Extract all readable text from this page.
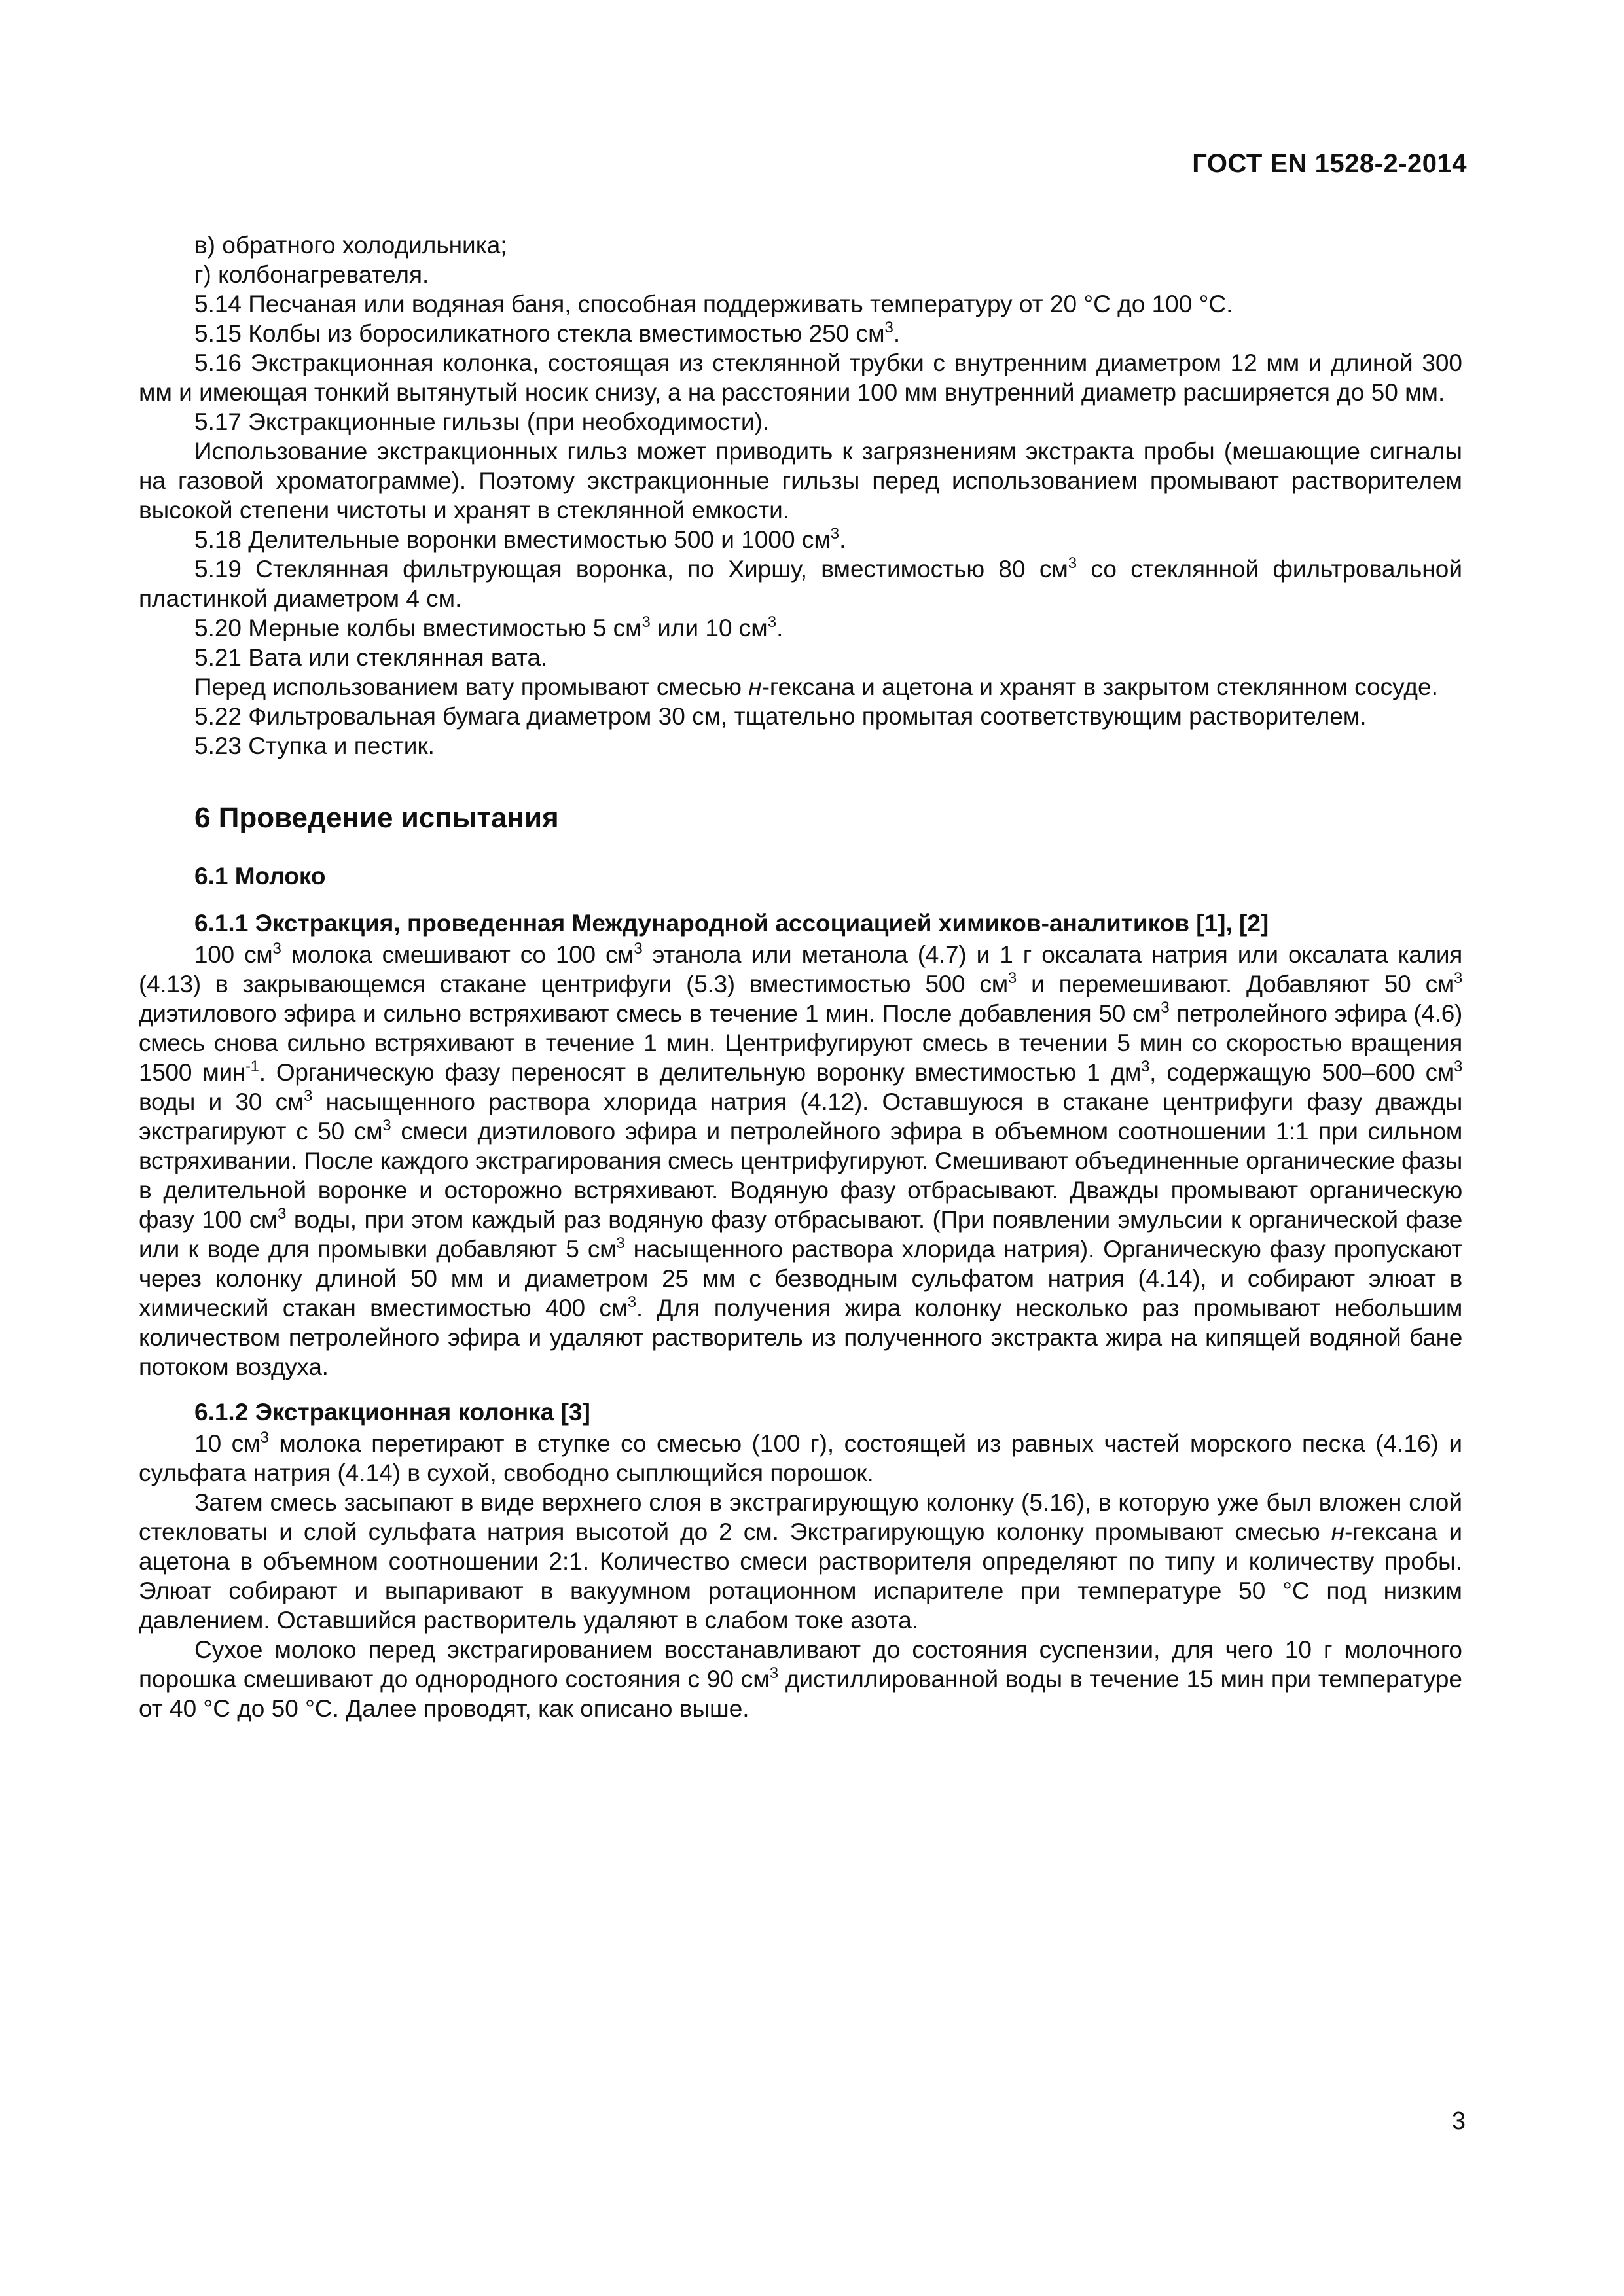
ГОСТ EN 1528-2-2014

в) обратного холодильника;

г) колбонагревателя.

5.14 Песчаная или водяная баня, способная поддерживать температуру от 20 °С до 100 °С.

5.15 Колбы из боросиликатного стекла вместимостью 250 $см^3$.

5.16 Экстракционная колонка, состоящая из стеклянной трубки с внутренним диаметром 12 мм и длиной 300 мм и имеющая тонкий вытянутый носик снизу, а на расстоянии 100 мм внутренний диаметр расширяется до 50 мм.

5.17 Экстракционные гильзы (при необходимости).

Использование экстракционных гильз может приводить к загрязнениям экстракта пробы (мешающие сигналы на газовой хроматограмме). Поэтому экстракционные гильзы перед использованием промывают растворителем высокой степени чистоты и хранят в стеклянной емкости.

5.18 Делительные воронки вместимостью 500 и 1000 $см^3$.

5.19 Стеклянная фильтрующая воронка, по Хиршу, вместимостью 80 $см^3$ со стеклянной фильтровальной пластинкой диаметром 4 см.

5.20 Мерные колбы вместимостью 5 $см^3$ или 10 $см^3$.

5.21 Вата или стеклянная вата.

Перед использованием вату промывают смесью н-гексана и ацетона и хранят в закрытом стеклянном сосуде.

5.22 Фильтровальная бумага диаметром 30 см, тщательно промытая соответствующим растворителем.

5.23 Ступка и пестик.

6 Проведение испытания
6.1 Молоко
6.1.1 Экстракция, проведенная Международной ассоциацией химиков-аналитиков [1], [2]

100 $см^3$ молока смешивают со 100 $см^3$ этанола или метанола (4.7) и 1 г оксалата натрия или оксалата калия (4.13) в закрывающемся стакане центрифуги (5.3) вместимостью 500 $см^3$ и перемешивают. Добавляют 50 $см^3$ диэтилового эфира и сильно встряхивают смесь в течение 1 мин. После добавления 50 $см^3$ петролейного эфира (4.6) смесь снова сильно встряхивают в течение 1 мин. Центрифугируют смесь в течении 5 мин со скоростью вращения 1500 мин$^{-1}$. Органическую фазу переносят в делительную воронку вместимостью 1 $дм^3$, содержащую 500–600 $см^3$ воды и 30 $см^3$ насыщенного раствора хлорида натрия (4.12). Оставшуюся в стакане центрифуги фазу дважды экстрагируют с 50 $см^3$ смеси диэтилового эфира и петролейного эфира в объемном соотношении 1:1 при сильном встряхивании. После каждого экстрагирования смесь центрифугируют. Смешивают объединенные органические фазы в делительной воронке и осторожно встряхивают. Водяную фазу отбрасывают. Дважды промывают органическую фазу 100 $см^3$ воды, при этом каждый раз водяную фазу отбрасывают. (При появлении эмульсии к органической фазе или к воде для промывки добавляют 5 $см^3$ насыщенного раствора хлорида натрия). Органическую фазу пропускают через колонку длиной 50 мм и диаметром 25 мм с безводным сульфатом натрия (4.14), и собирают элюат в химический стакан вместимостью 400 $см^3$. Для получения жира колонку несколько раз промывают небольшим количеством петролейного эфира и удаляют растворитель из полученного экстракта жира на кипящей водяной бане потоком воздуха.

6.1.2 Экстракционная колонка [3]

10 $см^3$ молока перетирают в ступке со смесью (100 г), состоящей из равных частей морского песка (4.16) и сульфата натрия (4.14) в сухой, свободно сыплющийся порошок.

Затем смесь засыпают в виде верхнего слоя в экстрагирующую колонку (5.16), в которую уже был вложен слой стекловаты и слой сульфата натрия высотой до 2 см. Экстрагирующую колонку промывают смесью н-гексана и ацетона в объемном соотношении 2:1. Количество смеси растворителя определяют по типу и количеству пробы. Элюат собирают и выпаривают в вакуумном ротационном испарителе при температуре 50 °С под низким давлением. Оставшийся растворитель удаляют в слабом токе азота.

Сухое молоко перед экстрагированием восстанавливают до состояния суспензии, для чего 10 г молочного порошка смешивают до однородного состояния с 90 $см^3$ дистиллированной воды в течение 15 мин при температуре от 40 °С до 50 °С. Далее проводят, как описано выше.

3
